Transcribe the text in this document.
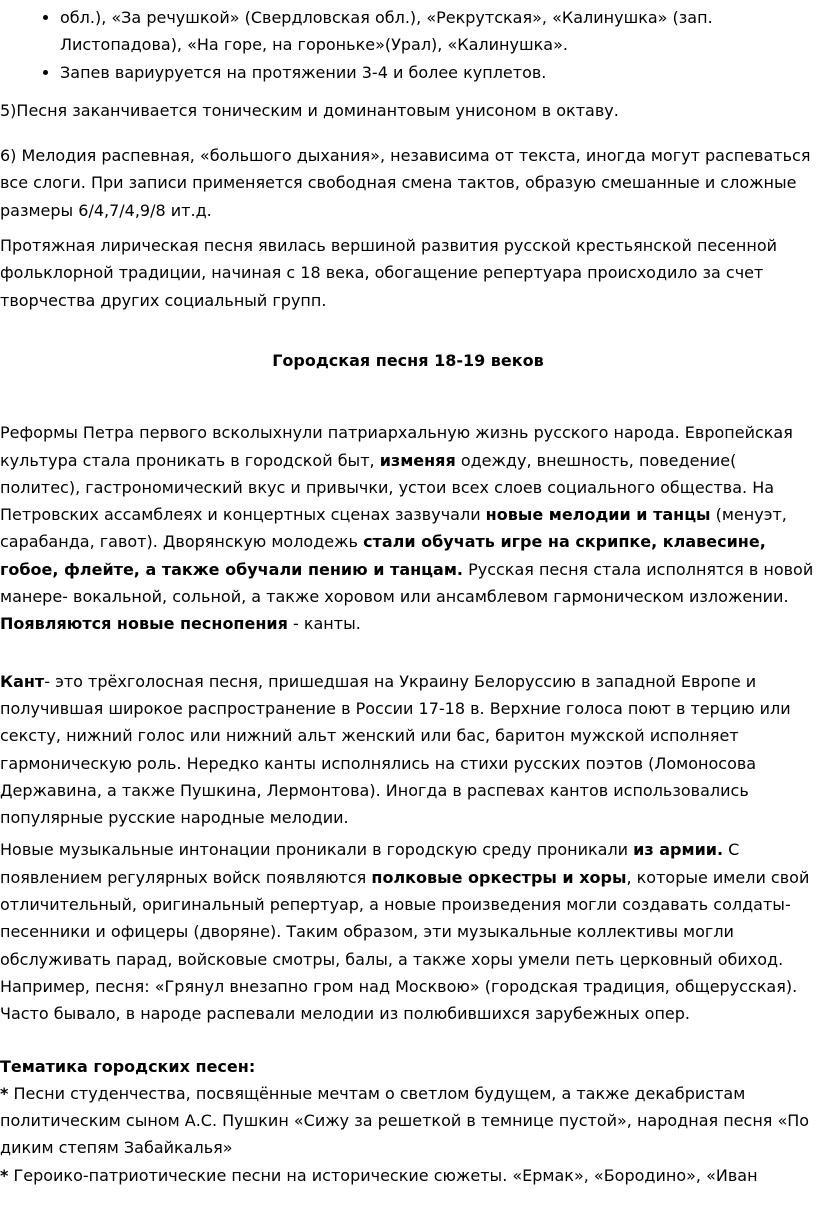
• обл.), «За речушкой» (Свердловская обл.), «Рекрутская», «Калинушка» (зап. Листопадова), «На горе, на гороньке»(Урал), «Калинушка».
• Запев вариуруется на протяжении 3-4 и более куплетов.

5)Песня заканчивается тоническим и доминантовым унисоном в октаву.

6) Мелодия распевная, «большого дыхания», независима от текста, иногда могут распеваться все слоги. При записи применяется свободная смена тактов, образую смешанные и сложные размеры 6/4,7/4,9/8 ит.д.

Протяжная лирическая песня явилась вершиной развития русской крестьянской песенной фольклорной традиции, начиная с 18 века, обогащение репертуара происходило за счет творчества других социальный групп.

Городская песня 18-19 веков

Реформы Петра первого всколыхнули патриархальную жизнь русского народа. Европейская культура стала проникать в городской быт, изменяя одежду, внешность, поведение( политес), гастрономический вкус и привычки, устои всех слоев социального общества. На Петровских ассамблеях и концертных сценах зазвучали новые мелодии и танцы (менуэт, сарабанда, гавот). Дворянскую молодежь стали обучать игре на скрипке, клавесине, гобое, флейте, а также обучали пению и танцам. Русская песня стала исполнятся в новой манере- вокальной, сольной, а также хоровом или ансамблевом гармоническом изложении. Появляются новые песнопения - канты.

Кант- это трёхголосная песня, пришедшая на Украину Белоруссию в западной Европе и получившая широкое распространение в России 17-18 в. Верхние голоса поют в терцию или сексту, нижний голос или нижний альт женский или бас, баритон мужской исполняет гармоническую роль. Нередко канты исполнялись на стихи русских поэтов (Ломоносова Державина, а также Пушкина, Лермонтова). Иногда в распевах кантов использовались популярные русские народные мелодии.

Новые музыкальные интонации проникали в городскую среду проникали из армии. С появлением регулярных войск появляются полковые оркестры и хоры, которые имели свой отличительный, оригинальный репертуар, а новые произведения могли создавать солдаты-песенники и офицеры (дворяне). Таким образом, эти музыкальные коллективы могли обслуживать парад, войсковые смотры, балы, а также хоры умели петь церковный обиход. Например, песня: «Грянул внезапно гром над Москвою» (городская традиция, общерусская).

Часто бывало, в народе распевали мелодии из полюбившихся зарубежных опер.

Тематика городских песен:

* Песни студенчества, посвящённые мечтам о светлом будущем, а также декабристам политическим сыном А.С. Пушкин «Сижу за решеткой в темнице пустой», народная песня «По диким степям Забайкалья»

* Героико-патриотические песни на исторические сюжеты. «Ермак», «Бородино», «Иван
